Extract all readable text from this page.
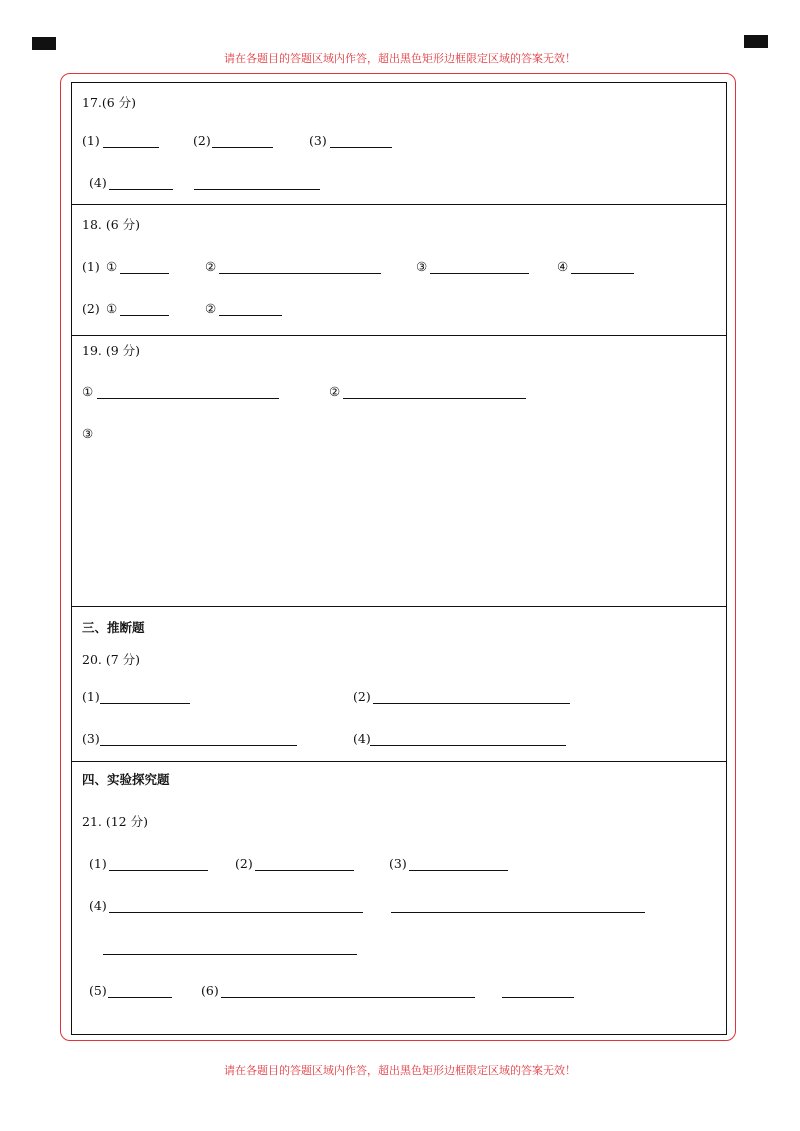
请在各题目的答题区域内作答，超出黑色矩形边框限定区域的答案无效！
17.(6 分)
(1)	(2)	(3)
(4)
18. (6 分)
(1) ①	②	③	④
(2) ①	②
19. (9 分)
①	②
③
三、推断题
20. (7 分)
(1)	(2)
(3)	(4)
四、实验探究题
21. (12 分)
(1)	(2)	(3)
(4)
(5)	(6)
请在各题目的答题区域内作答，超出黑色矩形边框限定区域的答案无效！
